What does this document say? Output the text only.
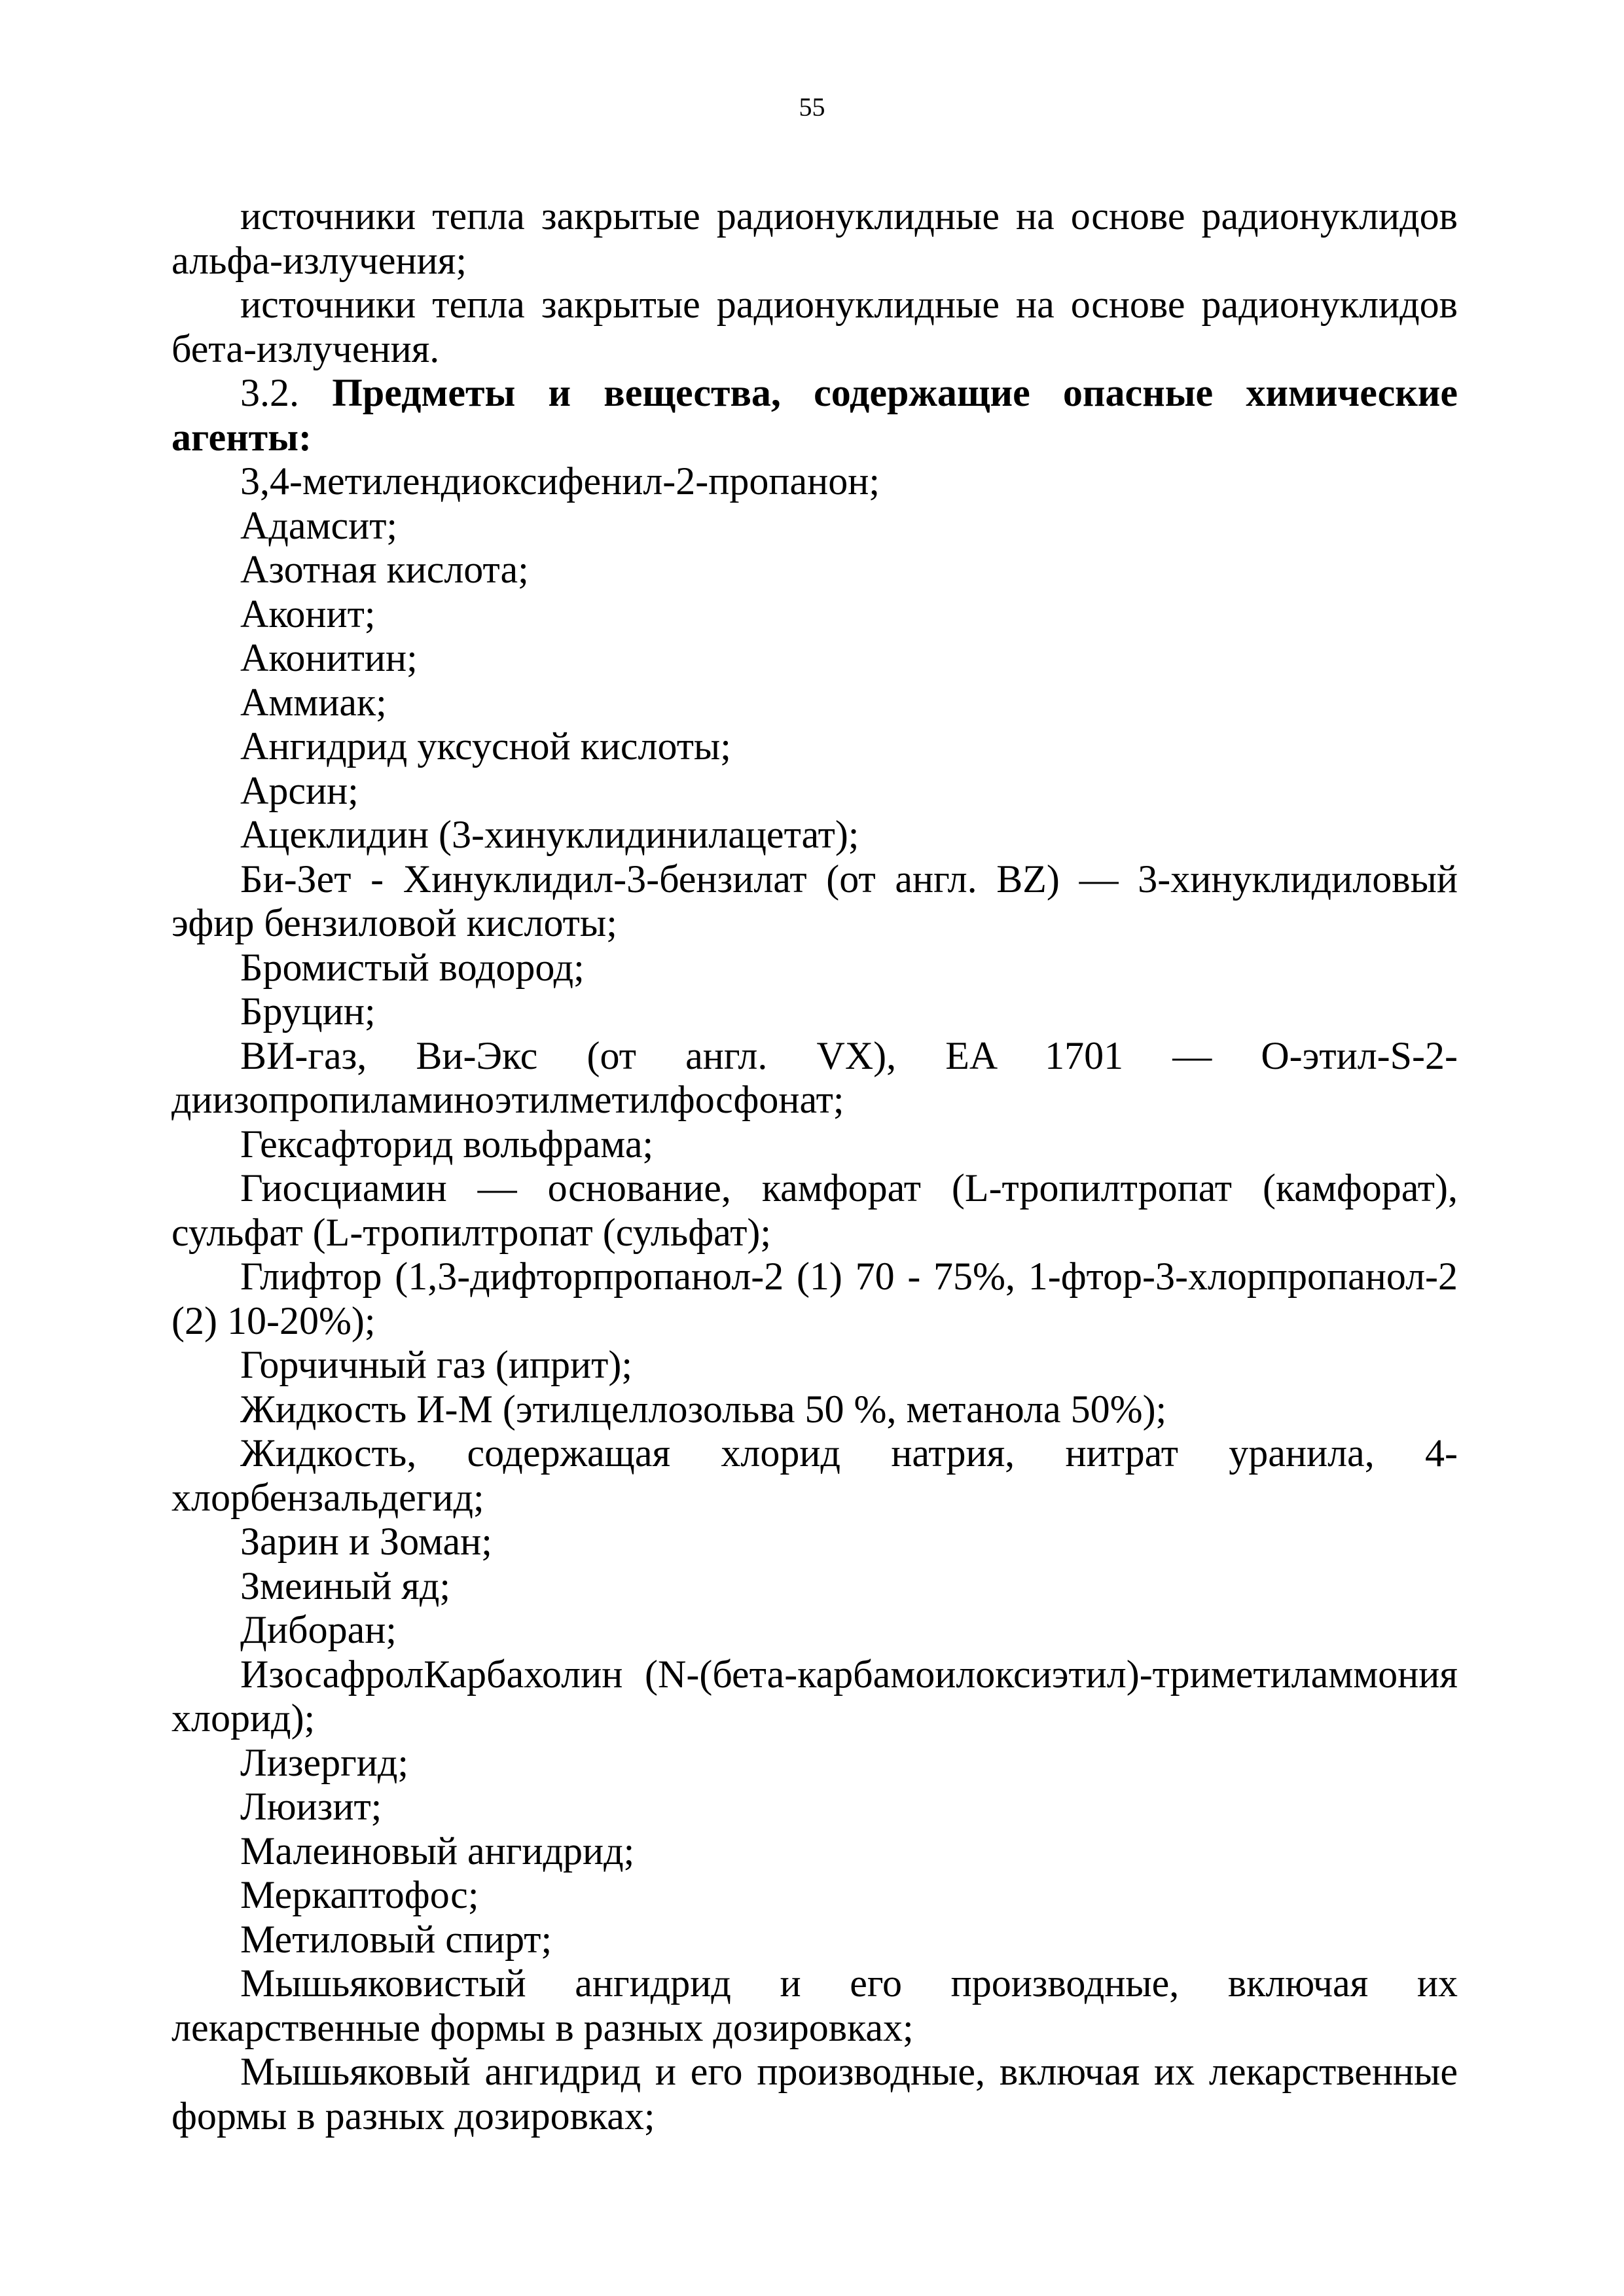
55

источники тепла закрытые радионуклидные на основе радионуклидов альфа-излучения;

источники тепла закрытые радионуклидные на основе радионуклидов бета-излучения.

3.2. Предметы и вещества, содержащие опасные химические агенты:

3,4-метилендиоксифенил-2-пропанон;

Адамсит;

Азотная кислота;

Аконит;

Аконитин;

Аммиак;

Ангидрид уксусной кислоты;

Арсин;

Ацеклидин (3-хинуклидинилацетат);

Би-Зет - Хинуклидил-3-бензилат (от англ. BZ) — 3-хинуклидиловый эфир бензиловой кислоты;

Бромистый водород;

Бруцин;

ВИ-газ, Ви-Экс (от англ. VX), EA 1701 — O-этил-S-2-диизопропиламиноэтилметилфосфонат;

Гексафторид вольфрама;

Гиосциамин — основание, камфорат (L-тропилтропат (камфорат), сульфат (L-тропилтропат (сульфат);

Глифтор (1,3-дифторпропанол-2 (1) 70 - 75%, 1-фтор-3-хлорпропанол-2 (2) 10-20%);

Горчичный газ (иприт);

Жидкость И-М (этилцеллозольва 50 %, метанола 50%);

Жидкость, содержащая хлорид натрия, нитрат уранила, 4-хлорбензальдегид;

Зарин и Зоман;

Змеиный яд;

Диборан;

ИзосафролКарбахолин (N-(бета-карбамоилоксиэтил)-триметиламмония хлорид);

Лизергид;

Люизит;

Малеиновый ангидрид;

Меркаптофос;

Метиловый спирт;

Мышьяковистый ангидрид и его производные, включая их лекарственные формы в разных дозировках;

Мышьяковый ангидрид и его производные, включая их лекарственные формы в разных дозировках;
